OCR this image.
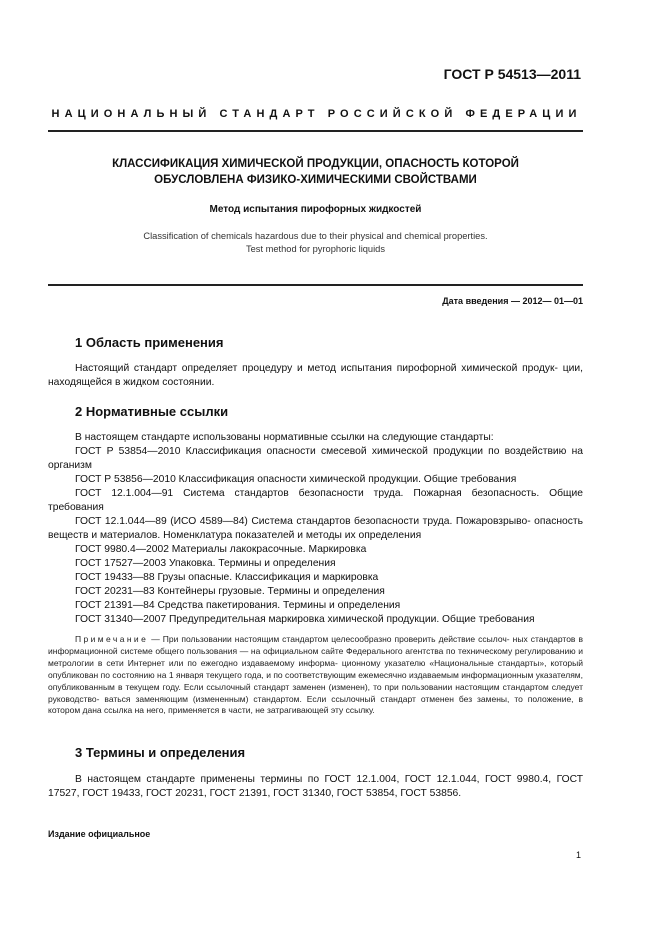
ГОСТ Р 54513—2011
НАЦИОНАЛЬНЫЙ СТАНДАРТ РОССИЙСКОЙ ФЕДЕРАЦИИ
КЛАССИФИКАЦИЯ ХИМИЧЕСКОЙ ПРОДУКЦИИ, ОПАСНОСТЬ КОТОРОЙ
ОБУСЛОВЛЕНА ФИЗИКО-ХИМИЧЕСКИМИ СВОЙСТВАМИ
Метод испытания пирофорных жидкостей
Classification of chemicals hazardous due to their physical and chemical properties.
Test method for pyrophoric liquids
Дата введения — 2012— 01—01
1 Область применения
Настоящий стандарт определяет процедуру и метод испытания пирофорной химической продук- ции, находящейся в жидком состоянии.
2 Нормативные ссылки
В настоящем стандарте использованы нормативные ссылки на следующие стандарты:
ГОСТ Р 53854—2010 Классификация опасности смесевой химической продукции по воздействию на организм
ГОСТ Р 53856—2010 Классификация опасности химической продукции. Общие требования
ГОСТ 12.1.004—91 Система стандартов безопасности труда. Пожарная безопасность. Общие требования
ГОСТ 12.1.044—89 (ИСО 4589—84) Система стандартов безопасности труда. Пожаровзрыво- опасность веществ и материалов. Номенклатура показателей и методы их определения
ГОСТ 9980.4—2002 Материалы лакокрасочные. Маркировка
ГОСТ 17527—2003 Упаковка. Термины и определения
ГОСТ 19433—88 Грузы опасные. Классификация и маркировка
ГОСТ 20231—83 Контейнеры грузовые. Термины и определения
ГОСТ 21391—84 Средства пакетирования. Термины и определения
ГОСТ 31340—2007 Предупредительная маркировка химической продукции. Общие требования
Примечание — При пользовании настоящим стандартом целесообразно проверить действие ссылоч- ных стандартов в информационной системе общего пользования — на официальном сайте Федерального агентства по техническому регулированию и метрологии в сети Интернет или по ежегодно издаваемому информа- ционному указателю «Национальные стандарты», который опубликован по состоянию на 1 января текущего года, и по соответствующим ежемесячно издаваемым информационным указателям, опубликованным в текущем году. Если ссылочный стандарт заменен (изменен), то при пользовании настоящим стандартом следует руководство- ваться заменяющим (измененным) стандартом. Если ссылочный стандарт отменен без замены, то положение, в котором дана ссылка на него, применяется в части, не затрагивающей эту ссылку.
3 Термины и определения
В настоящем стандарте применены термины по ГОСТ 12.1.004, ГОСТ 12.1.044, ГОСТ 9980.4, ГОСТ 17527, ГОСТ 19433, ГОСТ 20231, ГОСТ 21391, ГОСТ 31340, ГОСТ 53854, ГОСТ 53856.
Издание официальное
1
